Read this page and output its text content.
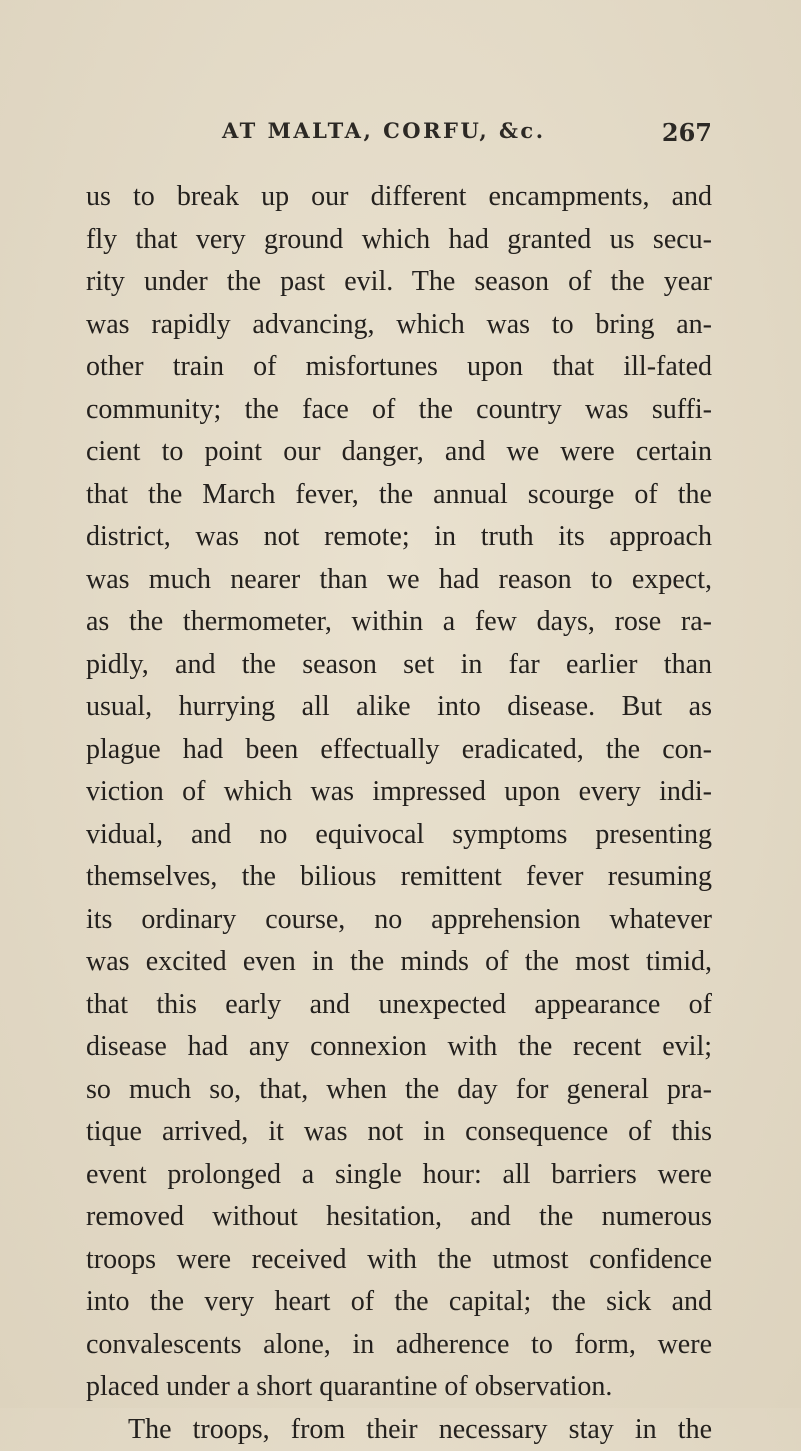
AT MALTA, CORFU, &c.	267
us to break up our different encampments, and
fly that very ground which had granted us secu-
rity under the past evil. The season of the year
was rapidly advancing, which was to bring an-
other train of misfortunes upon that ill-fated
community; the face of the country was suffi-
cient to point our danger, and we were certain
that the March fever, the annual scourge of the
district, was not remote; in truth its approach
was much nearer than we had reason to expect,
as the thermometer, within a few days, rose ra-
pidly, and the season set in far earlier than
usual, hurrying all alike into disease. But as
plague had been effectually eradicated, the con-
viction of which was impressed upon every indi-
vidual, and no equivocal symptoms presenting
themselves, the bilious remittent fever resuming
its ordinary course, no apprehension whatever
was excited even in the minds of the most timid,
that this early and unexpected appearance of
disease had any connexion with the recent evil;
so much so, that, when the day for general pra-
tique arrived, it was not in consequence of this
event prolonged a single hour: all barriers were
removed without hesitation, and the numerous
troops were received with the utmost confidence
into the very heart of the capital; the sick and
convalescents alone, in adherence to form, were
placed under a short quarantine of observation.
The troops, from their necessary stay in the
